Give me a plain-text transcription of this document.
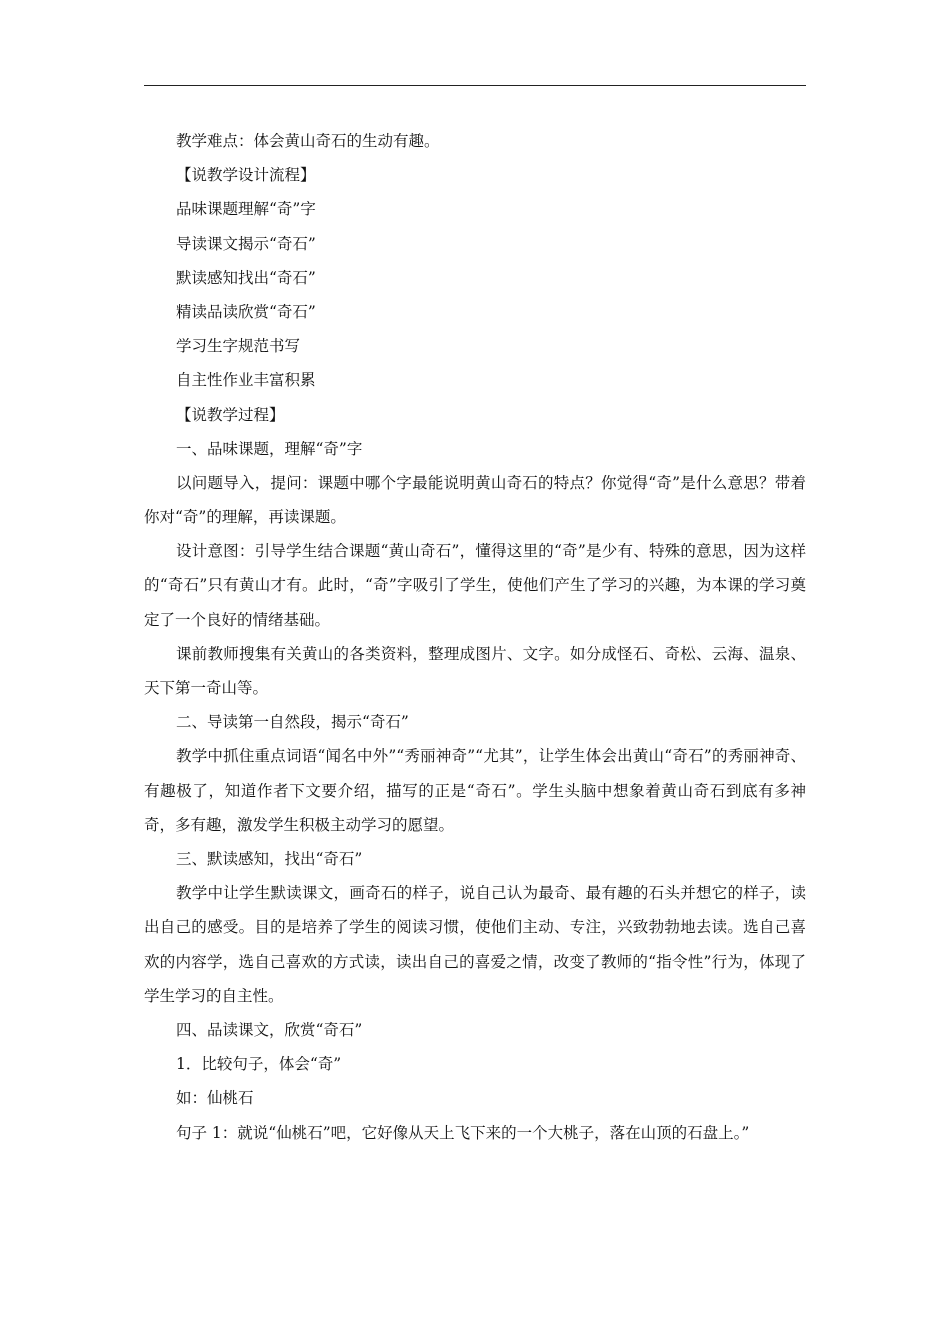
教学难点：体会黄山奇石的生动有趣。
【说教学设计流程】
品味课题理解“奇”字
导读课文揭示“奇石”
默读感知找出“奇石”
精读品读欣赏“奇石”
学习生字规范书写
自主性作业丰富积累
【说教学过程】
一、品味课题，理解“奇”字
以问题导入，提问：课题中哪个字最能说明黄山奇石的特点？你觉得“奇”是什么意思？带着你对“奇”的理解，再读课题。
设计意图：引导学生结合课题“黄山奇石”，懂得这里的“奇”是少有、特殊的意思，因为这样的“奇石”只有黄山才有。此时，“奇”字吸引了学生，使他们产生了学习的兴趣，为本课的学习奠定了一个良好的情绪基础。
课前教师搜集有关黄山的各类资料，整理成图片、文字。如分成怪石、奇松、云海、温泉、天下第一奇山等。
二、导读第一自然段，揭示“奇石”
教学中抓住重点词语“闻名中外”“秀丽神奇”“尤其”，让学生体会出黄山“奇石”的秀丽神奇、有趣极了，知道作者下文要介绍，描写的正是“奇石”。学生头脑中想象着黄山奇石到底有多神奇，多有趣，激发学生积极主动学习的愿望。
三、默读感知，找出“奇石”
教学中让学生默读课文，画奇石的样子，说自己认为最奇、最有趣的石头并想它的样子，读出自己的感受。目的是培养了学生的阅读习惯，使他们主动、专注，兴致勃勃地去读。选自己喜欢的内容学，选自己喜欢的方式读，读出自己的喜爱之情，改变了教师的“指令性”行为，体现了学生学习的自主性。
四、品读课文，欣赏“奇石”
1．比较句子，体会“奇”
如：仙桃石
句子 1：就说“仙桃石”吧，它好像从天上飞下来的一个大桃子，落在山顶的石盘上。”
